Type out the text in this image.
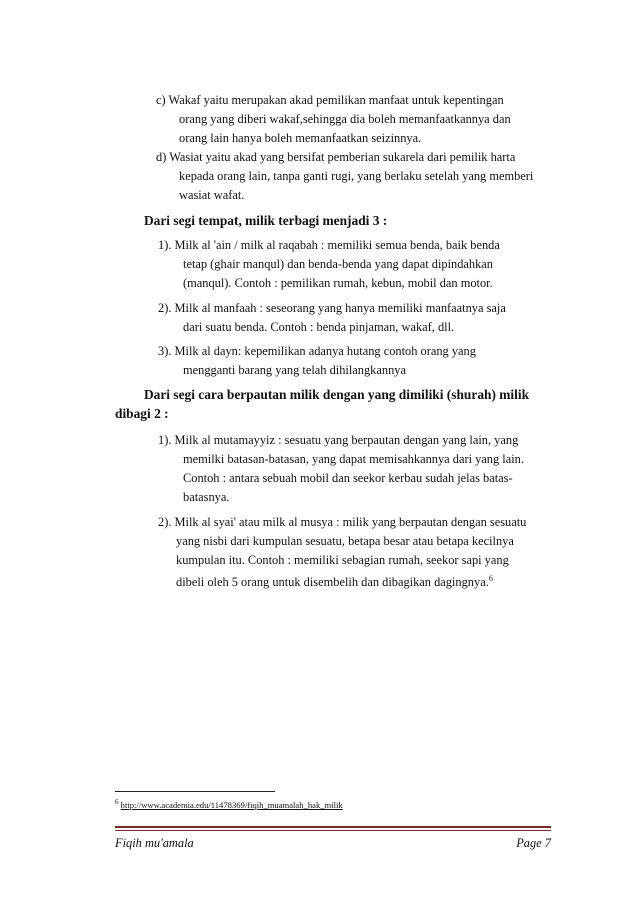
c) Wakaf yaitu merupakan akad pemilikan manfaat untuk kepentingan
orang yang diberi wakaf,sehingga dia boleh memanfaatkannya dan
orang lain hanya boleh memanfaatkan seizinnya.
d) Wasiat yaitu akad yang bersifat pemberian sukarela dari pemilik harta
kepada orang lain, tanpa ganti rugi, yang berlaku setelah yang memberi
wasiat wafat.
Dari segi tempat, milik terbagi menjadi 3 :
1). Milk al 'ain / milk al raqabah : memiliki semua benda, baik benda
tetap (ghair manqul) dan benda-benda yang dapat dipindahkan
(manqul). Contoh : pemilikan rumah, kebun, mobil dan motor.
2). Milk al manfaah : seseorang yang hanya memiliki manfaatnya saja
dari suatu benda. Contoh : benda pinjaman, wakaf, dll.
3). Milk al dayn: kepemilikan adanya hutang contoh orang yang
mengganti barang yang telah dihilangkannya
Dari segi cara berpautan milik dengan yang dimiliki (shurah) milik
dibagi 2 :
1). Milk al mutamayyiz : sesuatu yang berpautan dengan yang lain, yang
memilki batasan-batasan, yang dapat memisahkannya dari yang lain.
Contoh : antara sebuah mobil dan seekor kerbau sudah jelas batas-
batasnya.
2). Milk al syai' atau milk al musya : milik yang berpautan dengan sesuatu
yang nisbi dari kumpulan sesuatu, betapa besar atau betapa kecilnya
kumpulan itu. Contoh : memiliki sebagian rumah, seekor sapi yang
dibeli oleh 5 orang untuk disembelih dan dibagikan dagingnya.$^6$
$^6$ http://www.academia.edu/11478369/fiqih_muamalah_hak_milik
Fiqih mu'amala	Page 7
